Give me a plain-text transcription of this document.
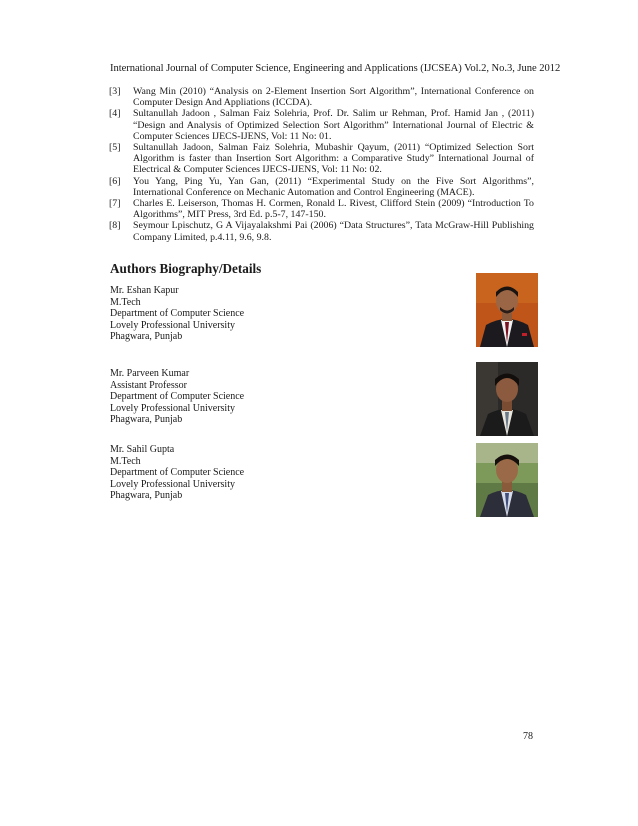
International Journal of Computer Science, Engineering and Applications (IJCSEA) Vol.2, No.3, June 2012
[3]	Wang Min (2010) “Analysis on 2-Element Insertion Sort Algorithm”, International Conference on Computer Design And Appliations (ICCDA).
[4]	Sultanullah Jadoon , Salman Faiz Solehria, Prof. Dr. Salim ur Rehman, Prof. Hamid Jan , (2011) “Design and Analysis of Optimized Selection Sort Algorithm” International Journal of Electric & Computer Sciences IJECS-IJENS, Vol: 11 No: 01.
[5]	Sultanullah Jadoon, Salman Faiz Solehria, Mubashir Qayum, (2011) “Optimized Selection Sort Algorithm is faster than Insertion Sort Algorithm: a Comparative Study” International Journal of Electrical & Computer Sciences IJECS-IJENS, Vol: 11 No: 02.
[6]	You Yang, Ping Yu, Yan Gan, (2011) “Experimental Study on the Five Sort Algorithms”, International Conference on Mechanic Automation and Control Engineering (MACE).
[7]	Charles E. Leiserson, Thomas H. Cormen, Ronald L. Rivest, Clifford Stein (2009) “Introduction To Algorithms”, MIT Press, 3rd Ed. p.5-7, 147-150.
[8]	Seymour Lpischutz, G A Vijayalakshmi Pai (2006) “Data Structures”, Tata McGraw-Hill Publishing Company Limited, p.4.11, 9.6, 9.8.
Authors Biography/Details
Mr. Eshan Kapur
M.Tech
Department of Computer Science
Lovely Professional University
Phagwara, Punjab
Mr. Parveen Kumar
Assistant Professor
Department of Computer Science
Lovely Professional University
Phagwara, Punjab
Mr. Sahil Gupta
M.Tech
Department of Computer Science
Lovely Professional University
Phagwara, Punjab
78
